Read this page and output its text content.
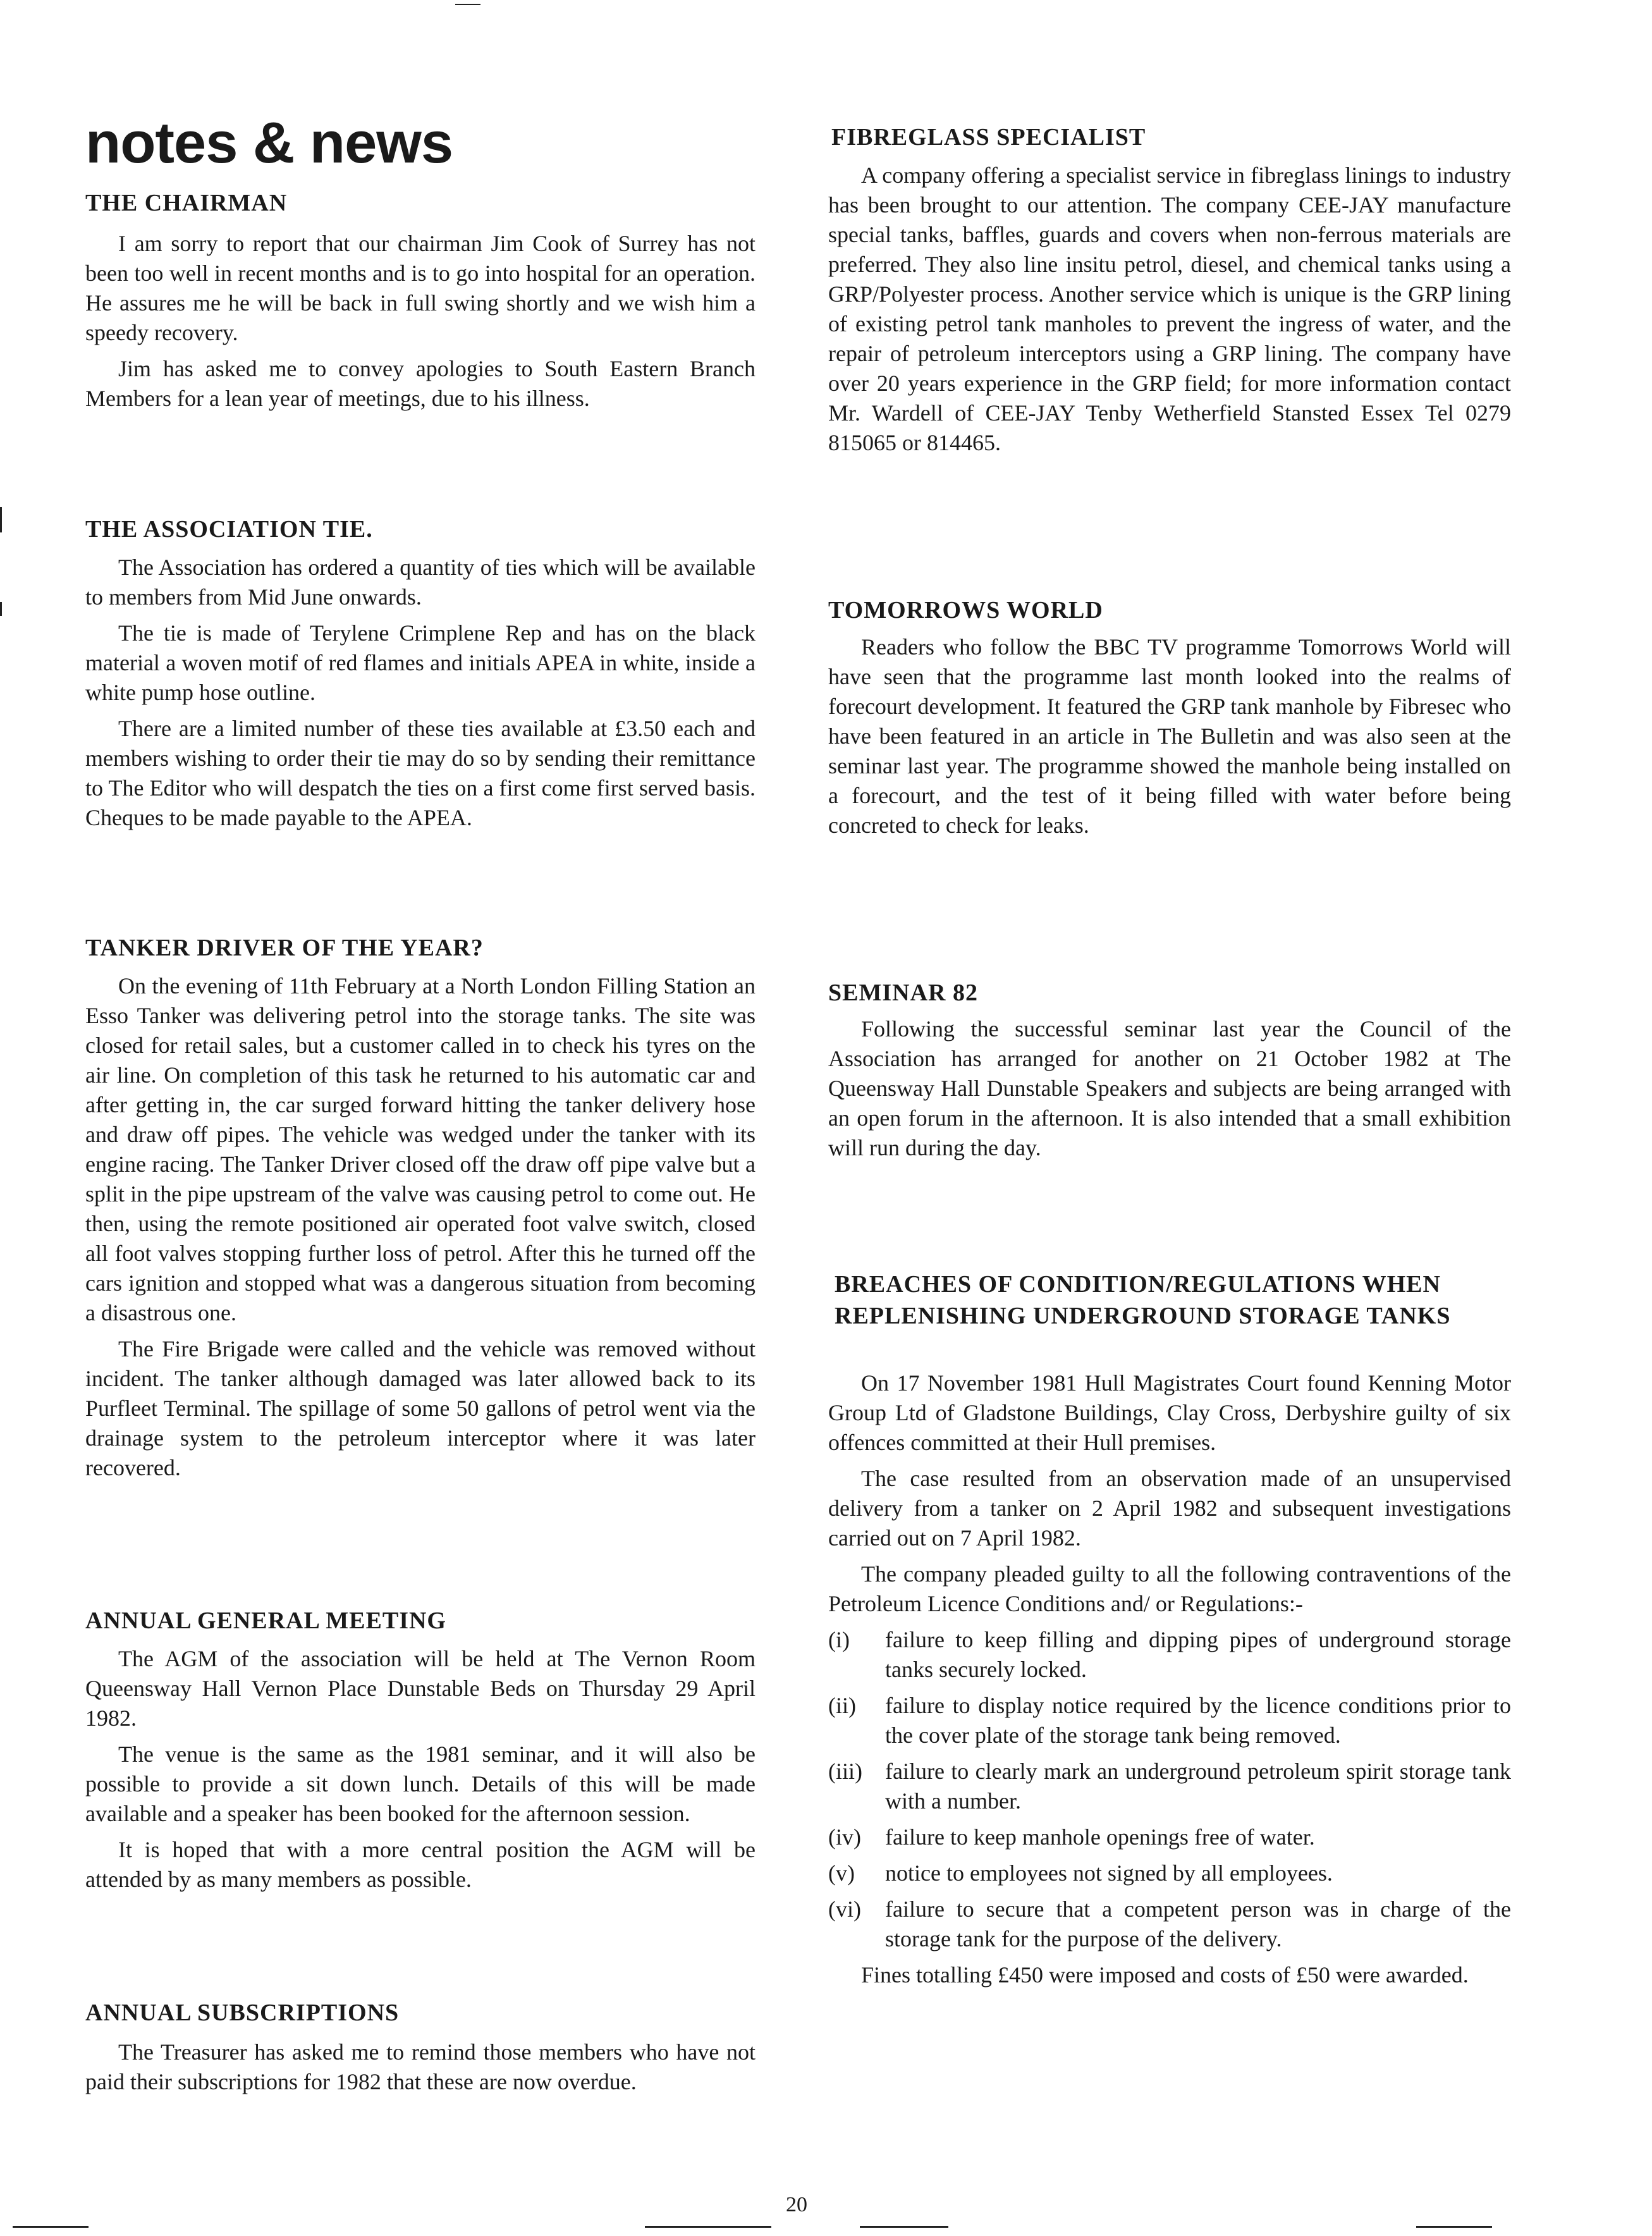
notes & news
THE CHAIRMAN

I am sorry to report that our chairman Jim Cook of Surrey has not been too well in recent months and is to go into hospital for an operation. He assures me he will be back in full swing shortly and we wish him a speedy recovery.

Jim has asked me to convey apologies to South Eastern Branch Members for a lean year of meetings, due to his illness.

THE ASSOCIATION TIE.

The Association has ordered a quantity of ties which will be available to members from Mid June onwards.

The tie is made of Terylene Crimplene Rep and has on the black material a woven motif of red flames and initials APEA in white, inside a white pump hose outline.

There are a limited number of these ties available at £3.50 each and members wishing to order their tie may do so by sending their remittance to The Editor who will despatch the ties on a first come first served basis. Cheques to be made payable to the APEA.

TANKER DRIVER OF THE YEAR?

On the evening of 11th February at a North London Filling Station an Esso Tanker was delivering petrol into the storage tanks. The site was closed for retail sales, but a customer called in to check his tyres on the air line. On completion of this task he returned to his automatic car and after getting in, the car surged forward hitting the tanker delivery hose and draw off pipes. The vehicle was wedged under the tanker with its engine racing. The Tanker Driver closed off the draw off pipe valve but a split in the pipe upstream of the valve was causing petrol to come out. He then, using the remote positioned air operated foot valve switch, closed all foot valves stopping further loss of petrol. After this he turned off the cars ignition and stopped what was a dangerous situation from becoming a disastrous one.

The Fire Brigade were called and the vehicle was removed without incident. The tanker although damaged was later allowed back to its Purfleet Terminal. The spillage of some 50 gallons of petrol went via the drainage system to the petroleum interceptor where it was later recovered.

ANNUAL GENERAL MEETING

The AGM of the association will be held at The Vernon Room Queensway Hall Vernon Place Dunstable Beds on Thursday 29 April 1982.

The venue is the same as the 1981 seminar, and it will also be possible to provide a sit down lunch. Details of this will be made available and a speaker has been booked for the afternoon session.

It is hoped that with a more central position the AGM will be attended by as many members as possible.

ANNUAL SUBSCRIPTIONS

The Treasurer has asked me to remind those members who have not paid their subscriptions for 1982 that these are now overdue.

FIBREGLASS SPECIALIST

A company offering a specialist service in fibreglass linings to industry has been brought to our attention. The company CEE-JAY manufacture special tanks, baffles, guards and covers when non-ferrous materials are preferred. They also line insitu petrol, diesel, and chemical tanks using a GRP/Polyester process. Another service which is unique is the GRP lining of existing petrol tank manholes to prevent the ingress of water, and the repair of petroleum interceptors using a GRP lining. The company have over 20 years experience in the GRP field; for more information contact Mr. Wardell of CEE-JAY Tenby Wetherfield Stansted Essex Tel 0279 815065 or 814465.

TOMORROWS WORLD

Readers who follow the BBC TV programme Tomorrows World will have seen that the programme last month looked into the realms of forecourt development. It featured the GRP tank manhole by Fibresec who have been featured in an article in The Bulletin and was also seen at the seminar last year. The programme showed the manhole being installed on a forecourt, and the test of it being filled with water before being concreted to check for leaks.

SEMINAR 82

Following the successful seminar last year the Council of the Association has arranged for another on 21 October 1982 at The Queensway Hall Dunstable Speakers and subjects are being arranged with an open forum in the afternoon. It is also intended that a small exhibition will run during the day.

BREACHES OF CONDITION/REGULATIONS WHEN REPLENISHING UNDERGROUND STORAGE TANKS

On 17 November 1981 Hull Magistrates Court found Kenning Motor Group Ltd of Gladstone Buildings, Clay Cross, Derbyshire guilty of six offences committed at their Hull premises.

The case resulted from an observation made of an unsupervised delivery from a tanker on 2 April 1982 and subsequent investigations carried out on 7 April 1982.

The company pleaded guilty to all the following contraventions of the Petroleum Licence Conditions and/ or Regulations:-

(i)	failure to keep filling and dipping pipes of underground storage tanks securely locked.
(ii)	failure to display notice required by the licence conditions prior to the cover plate of the storage tank being removed.
(iii)	failure to clearly mark an underground petroleum spirit storage tank with a number.
(iv)	failure to keep manhole openings free of water.
(v)	notice to employees not signed by all employees.
(vi)	failure to secure that a competent person was in charge of the storage tank for the purpose of the delivery.

Fines totalling £450 were imposed and costs of £50 were awarded.

20
